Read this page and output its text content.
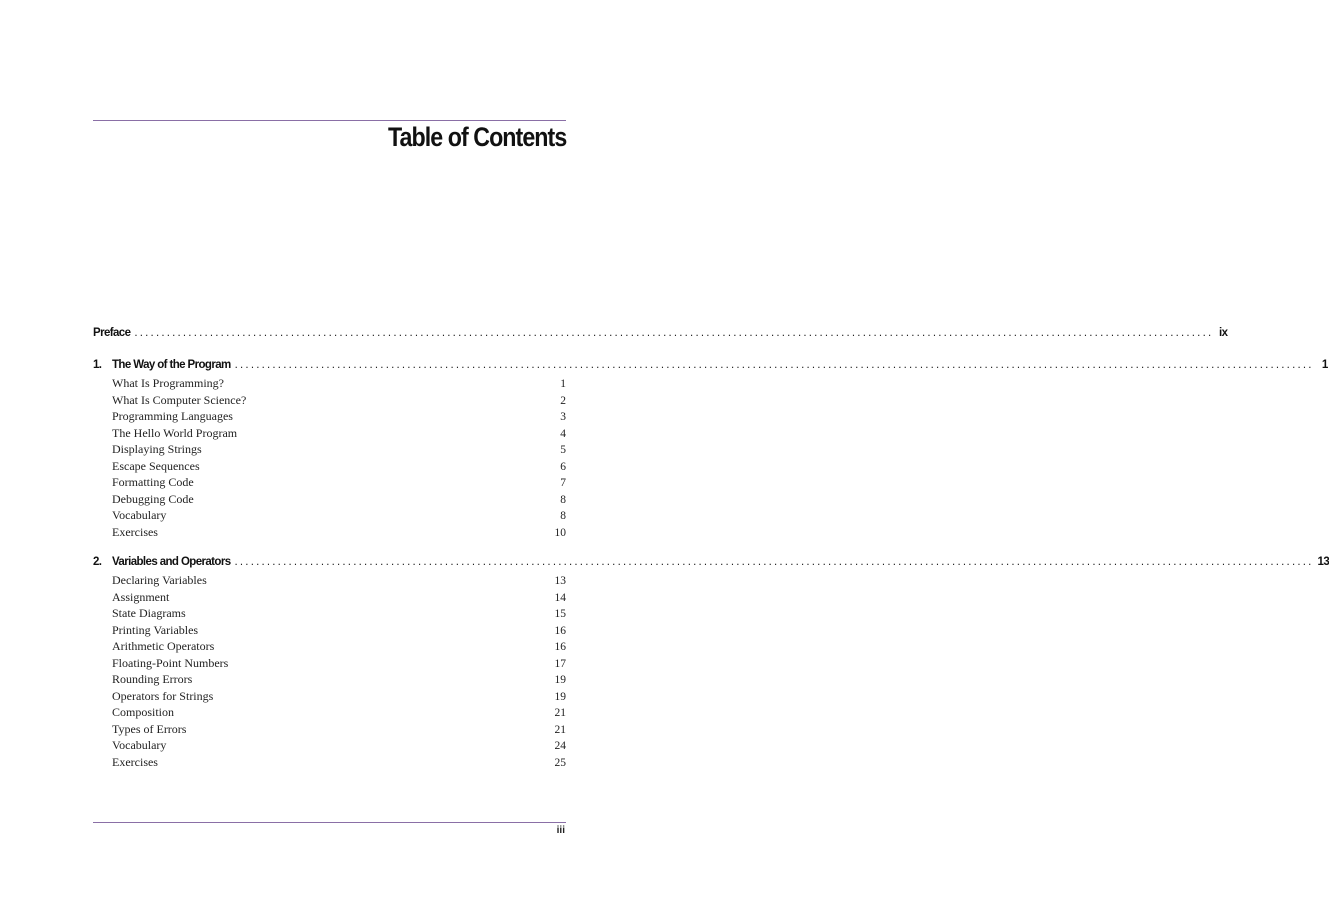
Table of Contents
Preface ........................................................................................................................................................................................................ ix
1. The Way of the Program ........................................................................................................................................................................................................ 1
What Is Programming?	1
What Is Computer Science?	2
Programming Languages	3
The Hello World Program	4
Displaying Strings	5
Escape Sequences	6
Formatting Code	7
Debugging Code	8
Vocabulary	8
Exercises	10
2. Variables and Operators ........................................................................................................................................................................................................ 13
Declaring Variables	13
Assignment	14
State Diagrams	15
Printing Variables	16
Arithmetic Operators	16
Floating-Point Numbers	17
Rounding Errors	19
Operators for Strings	19
Composition	21
Types of Errors	21
Vocabulary	24
Exercises	25
iii
